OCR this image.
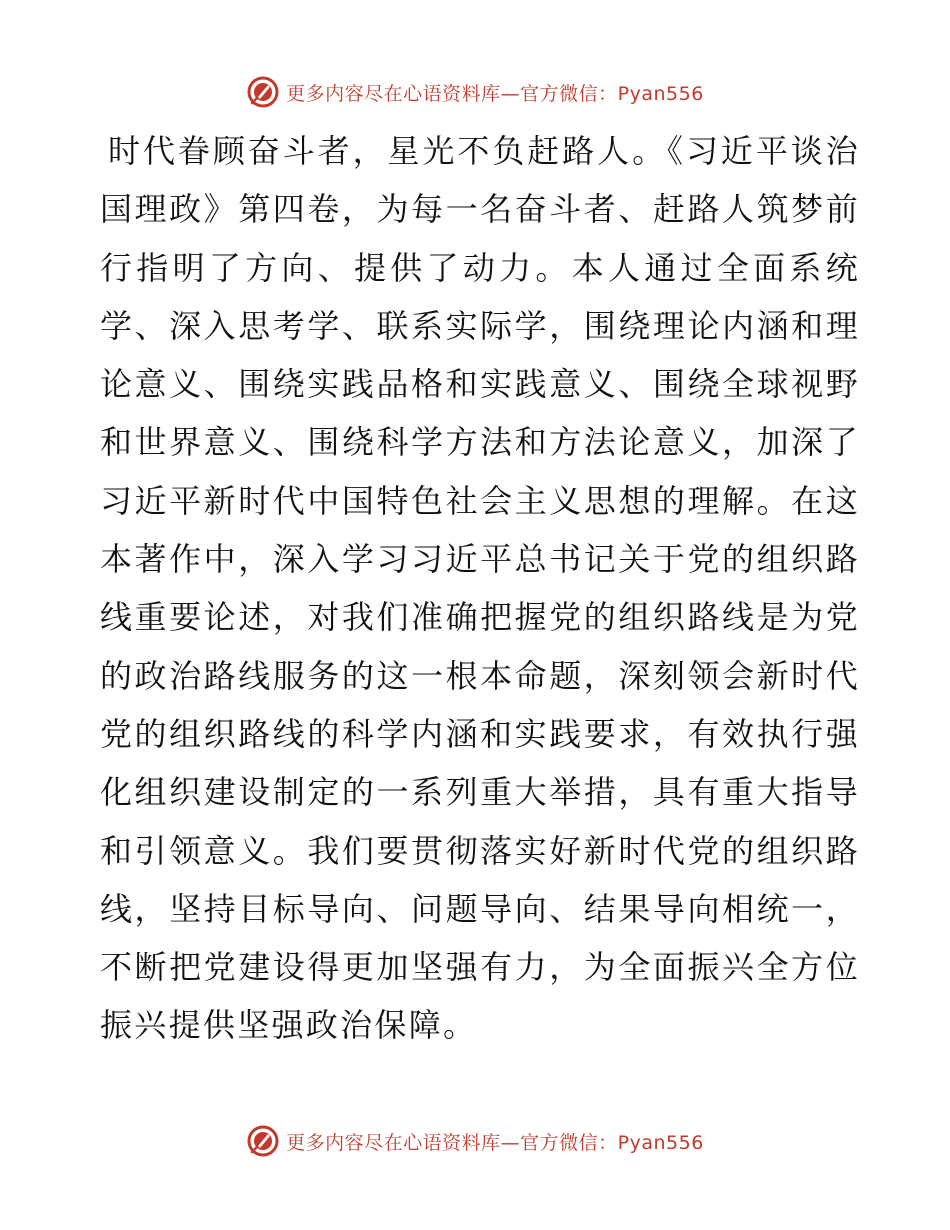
更多内容尽在心语资料库—官方微信：Pyan556

时代眷顾奋斗者，星光不负赶路人。《习近平谈治国理政》第四卷，为每一名奋斗者、赶路人筑梦前行指明了方向、提供了动力。本人通过全面系统学、深入思考学、联系实际学，围绕理论内涵和理论意义、围绕实践品格和实践意义、围绕全球视野和世界意义、围绕科学方法和方法论意义，加深了习近平新时代中国特色社会主义思想的理解。在这本著作中，深入学习习近平总书记关于党的组织路线重要论述，对我们准确把握党的组织路线是为党的政治路线服务的这一根本命题，深刻领会新时代党的组织路线的科学内涵和实践要求，有效执行强化组织建设制定的一系列重大举措，具有重大指导和引领意义。我们要贯彻落实好新时代党的组织路线，坚持目标导向、问题导向、结果导向相统一，不断把党建设得更加坚强有力，为全面振兴全方位振兴提供坚强政治保障。

更多内容尽在心语资料库—官方微信：Pyan556
